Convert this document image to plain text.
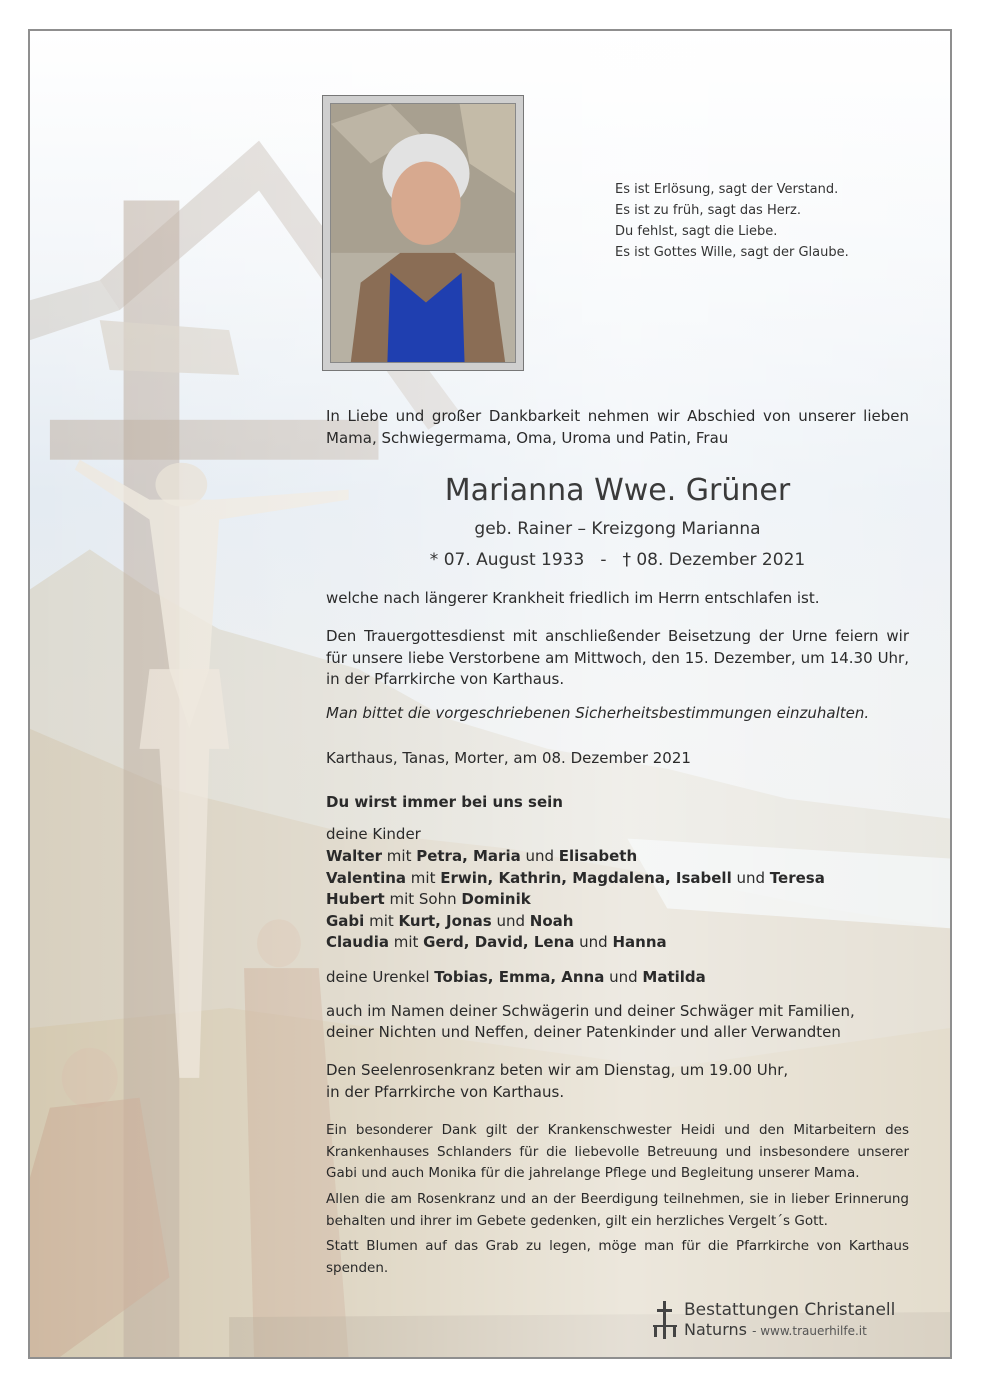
Es ist Erlösung, sagt der Verstand.
Es ist zu früh, sagt das Herz.
Du fehlst, sagt die Liebe.
Es ist Gottes Wille, sagt der Glaube.
In Liebe und großer Dankbarkeit nehmen wir Abschied von unserer lieben Mama, Schwiegermama, Oma, Uroma und Patin, Frau
Marianna Wwe. Grüner
geb. Rainer – Kreizgong Marianna
* 07. August 1933 - † 08. Dezember 2021
welche nach längerer Krankheit friedlich im Herrn entschlafen ist.
Den Trauergottesdienst mit anschließender Beisetzung der Urne feiern wir für unsere liebe Verstorbene am Mittwoch, den 15. Dezember, um 14.30 Uhr, in der Pfarrkirche von Karthaus.
Man bittet die vorgeschriebenen Sicherheitsbestimmungen einzuhalten.
Karthaus, Tanas, Morter, am 08. Dezember 2021
Du wirst immer bei uns sein
deine Kinder
Walter mit Petra, Maria und Elisabeth
Valentina mit Erwin, Kathrin, Magdalena, Isabell und Teresa
Hubert mit Sohn Dominik
Gabi mit Kurt, Jonas und Noah
Claudia mit Gerd, David, Lena und Hanna
deine Urenkel Tobias, Emma, Anna und Matilda
auch im Namen deiner Schwägerin und deiner Schwäger mit Familien,
deiner Nichten und Neffen, deiner Patenkinder und aller Verwandten
Den Seelenrosenkranz beten wir am Dienstag, um 19.00 Uhr,
in der Pfarrkirche von Karthaus.
Ein besonderer Dank gilt der Krankenschwester Heidi und den Mitarbeitern des Krankenhauses Schlanders für die liebevolle Betreuung und insbesondere unserer Gabi und auch Monika für die jahrelange Pflege und Begleitung unserer Mama.
Allen die am Rosenkranz und an der Beerdigung teilnehmen, sie in lieber Erinnerung behalten und ihrer im Gebete gedenken, gilt ein herzliches Vergelt´s Gott.
Statt Blumen auf das Grab zu legen, möge man für die Pfarrkirche von Karthaus spenden.
Bestattungen Christanell
Naturns - www.trauerhilfe.it
